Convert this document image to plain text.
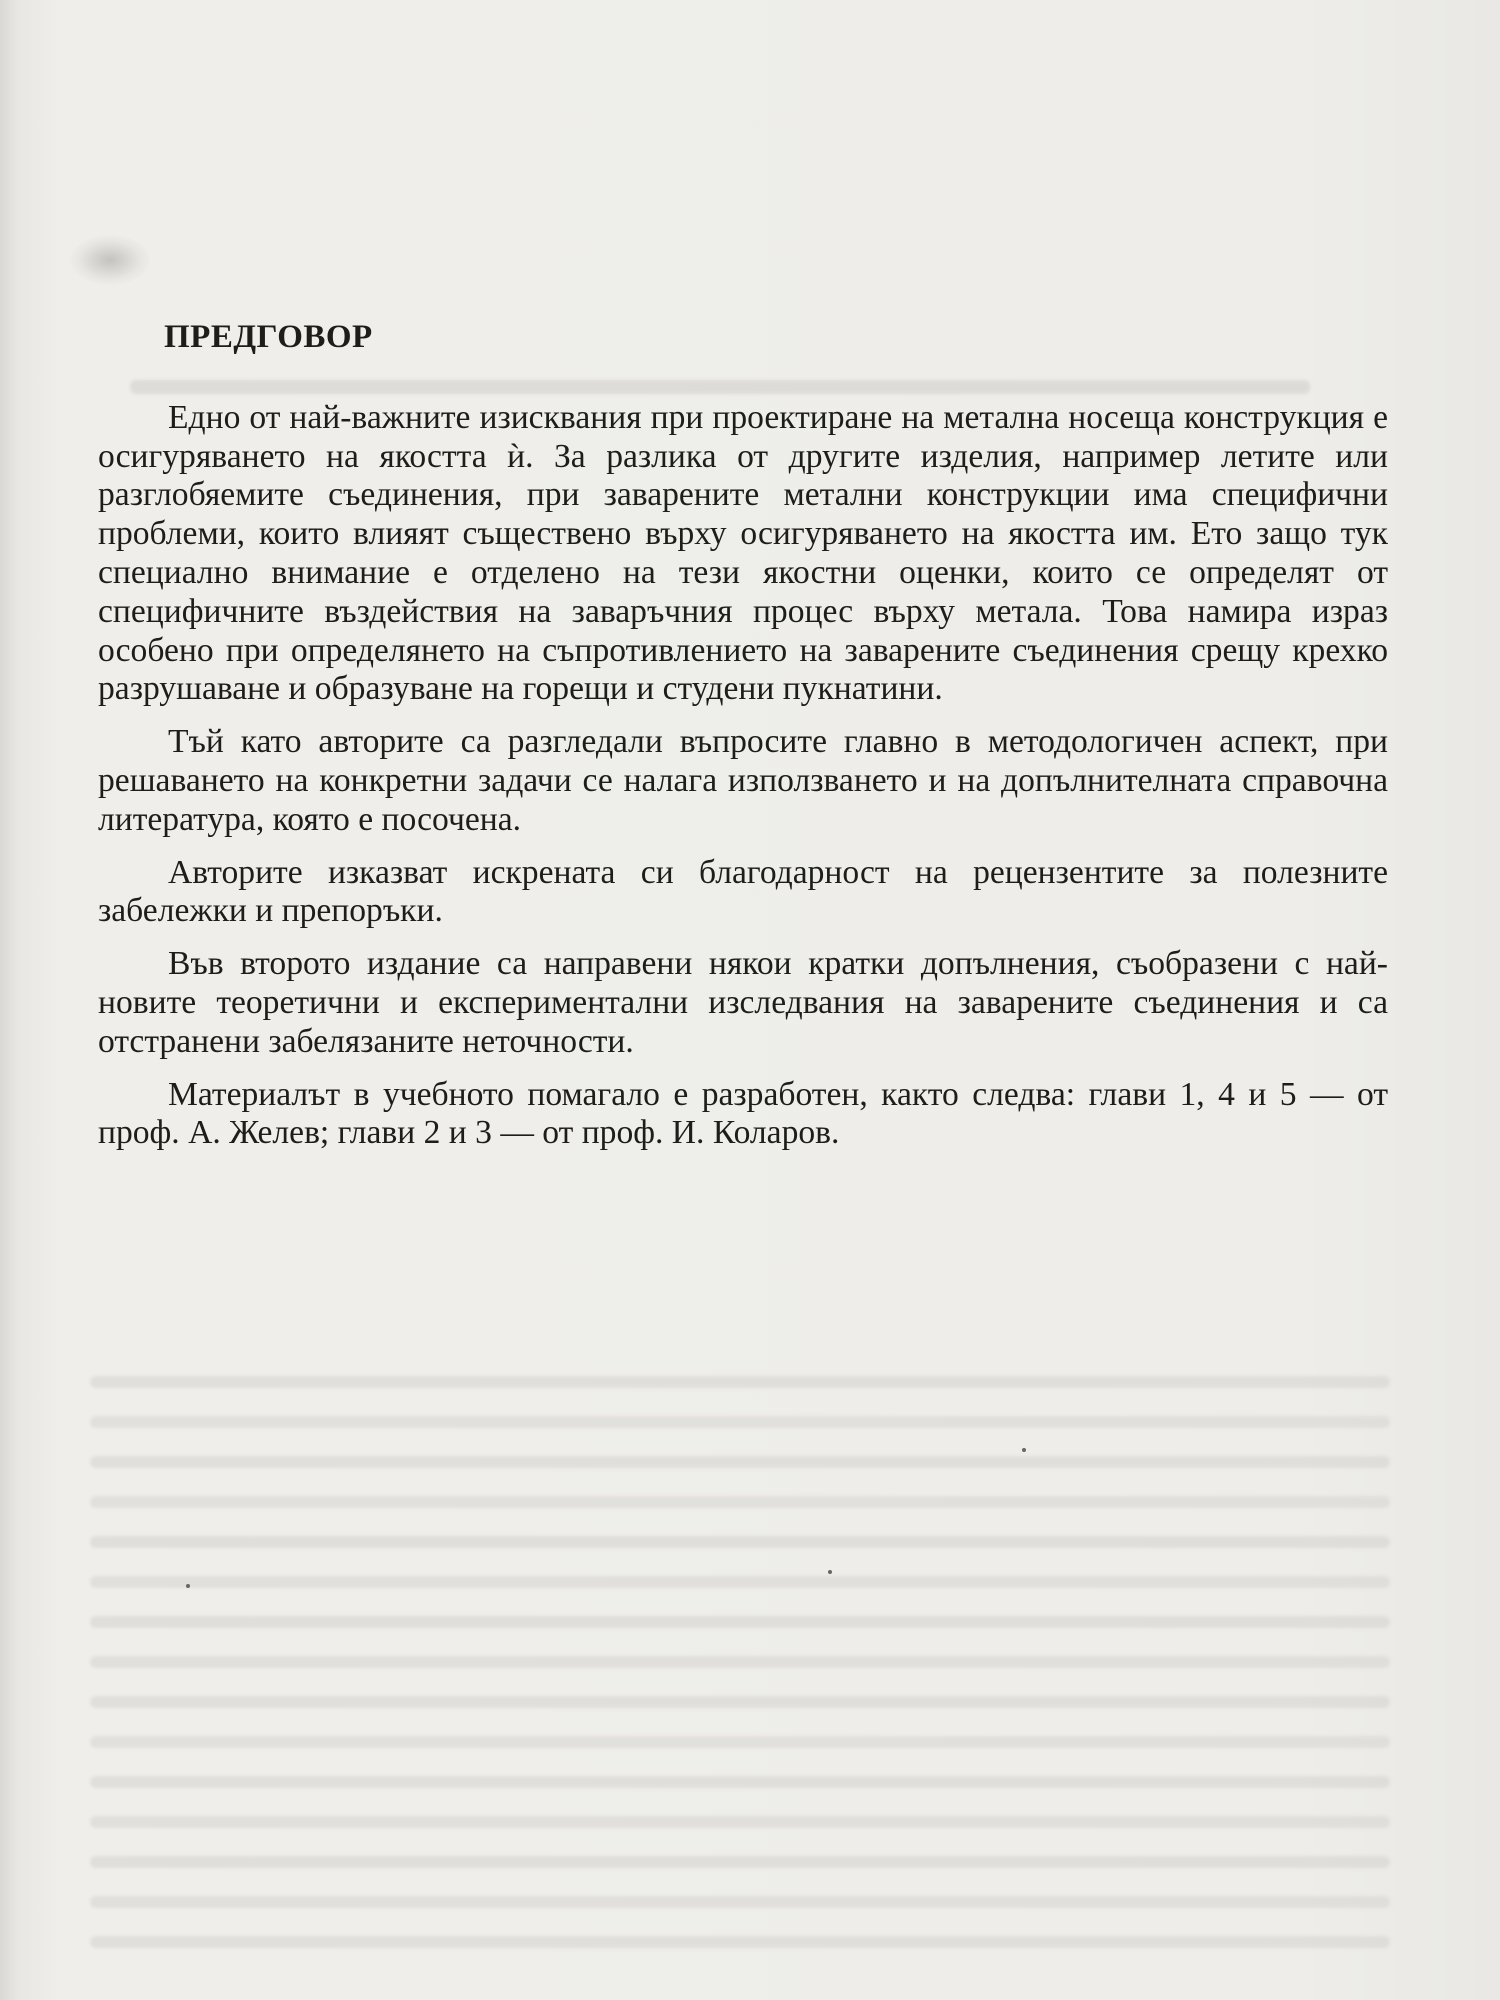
ПРЕДГОВОР

Едно от най-важните изисквания при проектиране на метална носеща конструкция е осигуряването на якостта ѝ. За разлика от другите изделия, например летите или разглобяемите съединения, при заварените метални конструкции има специфични проблеми, които влияят съществено върху осигуряването на якостта им. Ето защо тук специално внимание е отделено на тези якостни оценки, които се определят от специфичните въздействия на заваръчния процес върху метала. Това намира израз особено при определянето на съпротивлението на заварените съединения срещу крехко разрушаване и образуване на горещи и студени пукнатини.

Тъй като авторите са разгледали въпросите главно в методологичен аспект, при решаването на конкретни задачи се налага използването и на допълнителната справочна литература, която е посочена.

Авторите изказват искрената си благодарност на рецензентите за полезните забележки и препоръки.

Във второто издание са направени някои кратки допълнения, съобразени с най-новите теоретични и експериментални изследвания на заварените съединения и са отстранени забелязаните неточности.

Материалът в учебното помагало е разработен, както следва: глави 1, 4 и 5 — от проф. А. Желев; глави 2 и 3 — от проф. И. Коларов.
